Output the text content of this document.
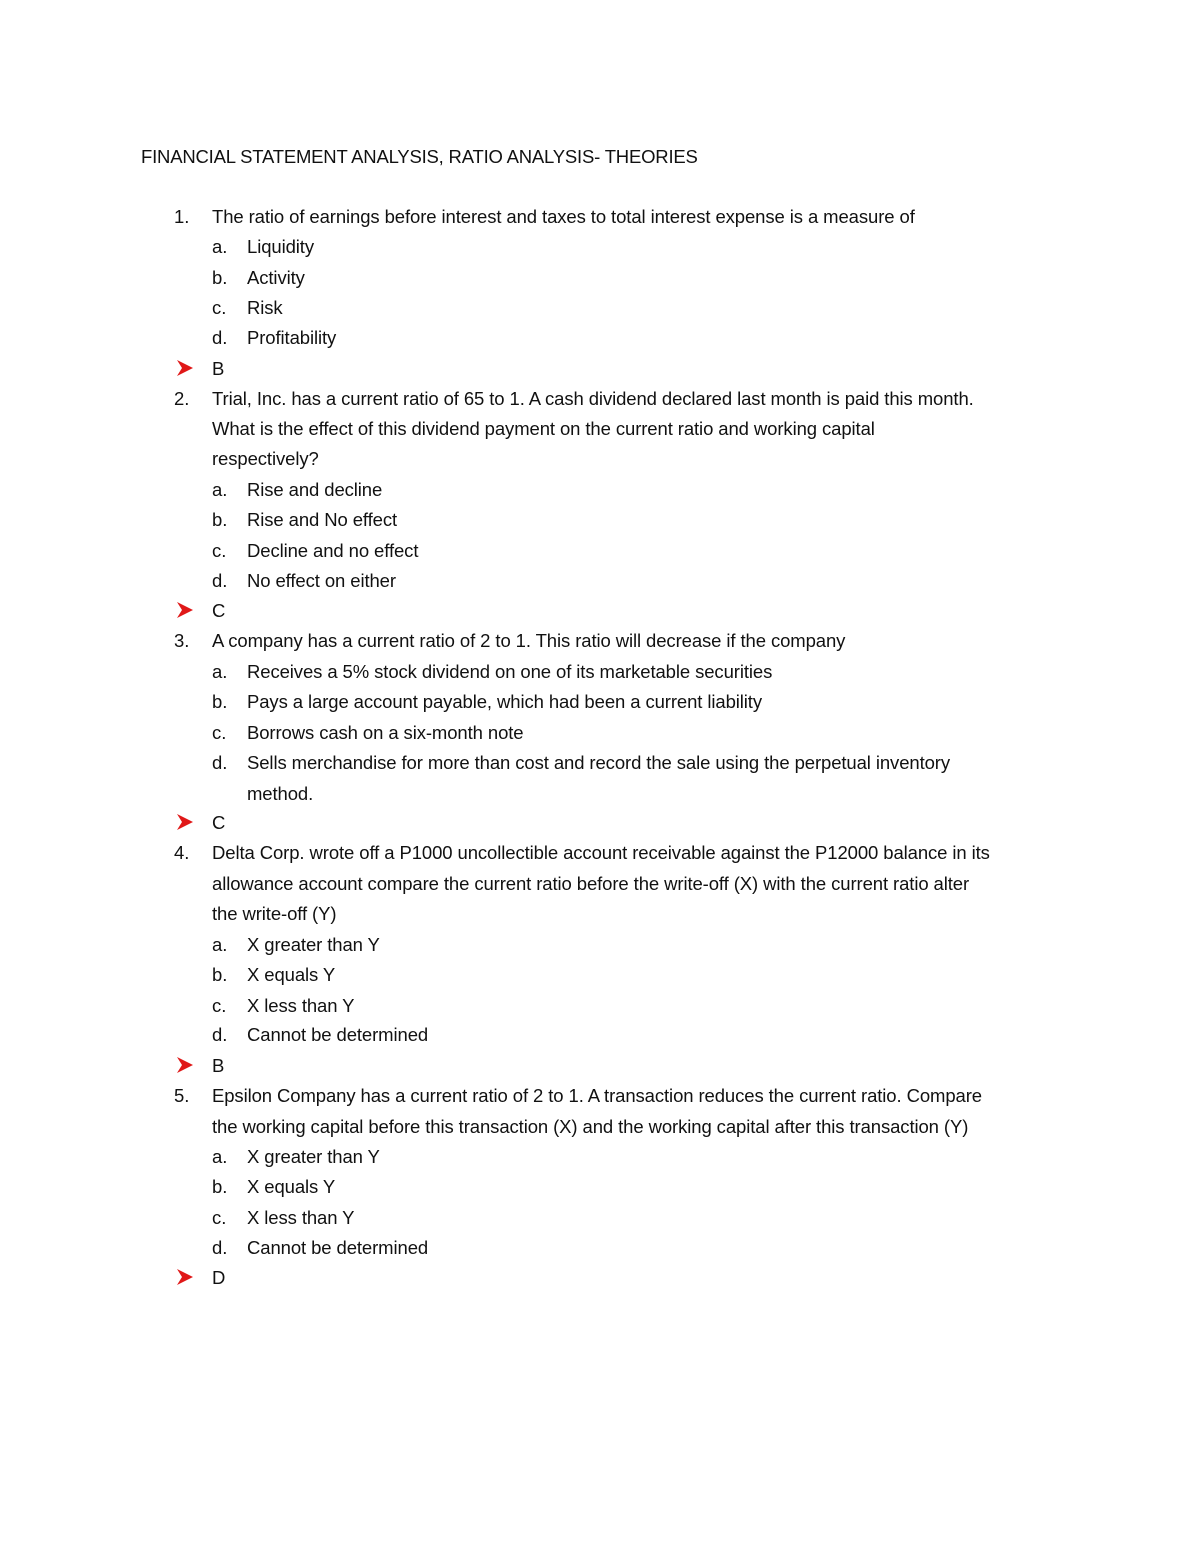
FINANCIAL STATEMENT ANALYSIS, RATIO ANALYSIS- THEORIES
1.	The ratio of earnings before interest and taxes to total interest expense is a measure of
a.	Liquidity
b.	Activity
c.	Risk
d.	Profitability
B
2.	Trial, Inc. has a current ratio of 65 to 1. A cash dividend declared last month is paid this month.
What is the effect of this dividend payment on the current ratio and working capital
respectively?
a.	Rise and decline
b.	Rise and No effect
c.	Decline and no effect
d.	No effect on either
C
3.	A company has a current ratio of 2 to 1. This ratio will decrease if the company
a.	Receives a 5% stock dividend on one of its marketable securities
b.	Pays a large account payable, which had been a current liability
c.	Borrows cash on a six-month note
d.	Sells merchandise for more than cost and record the sale using the perpetual inventory
method.
C
4.	Delta Corp. wrote off a P1000 uncollectible account receivable against the P12000 balance in its
allowance account compare the current ratio before the write-off (X) with the current ratio alter
the write-off (Y)
a.	X greater than Y
b.	X equals Y
c.	X less than Y
d.	Cannot be determined
B
5.	Epsilon Company has a current ratio of 2 to 1. A transaction reduces the current ratio. Compare
the working capital before this transaction (X) and the working capital after this transaction (Y)
a.	X greater than Y
b.	X equals Y
c.	X less than Y
d.	Cannot be determined
D
